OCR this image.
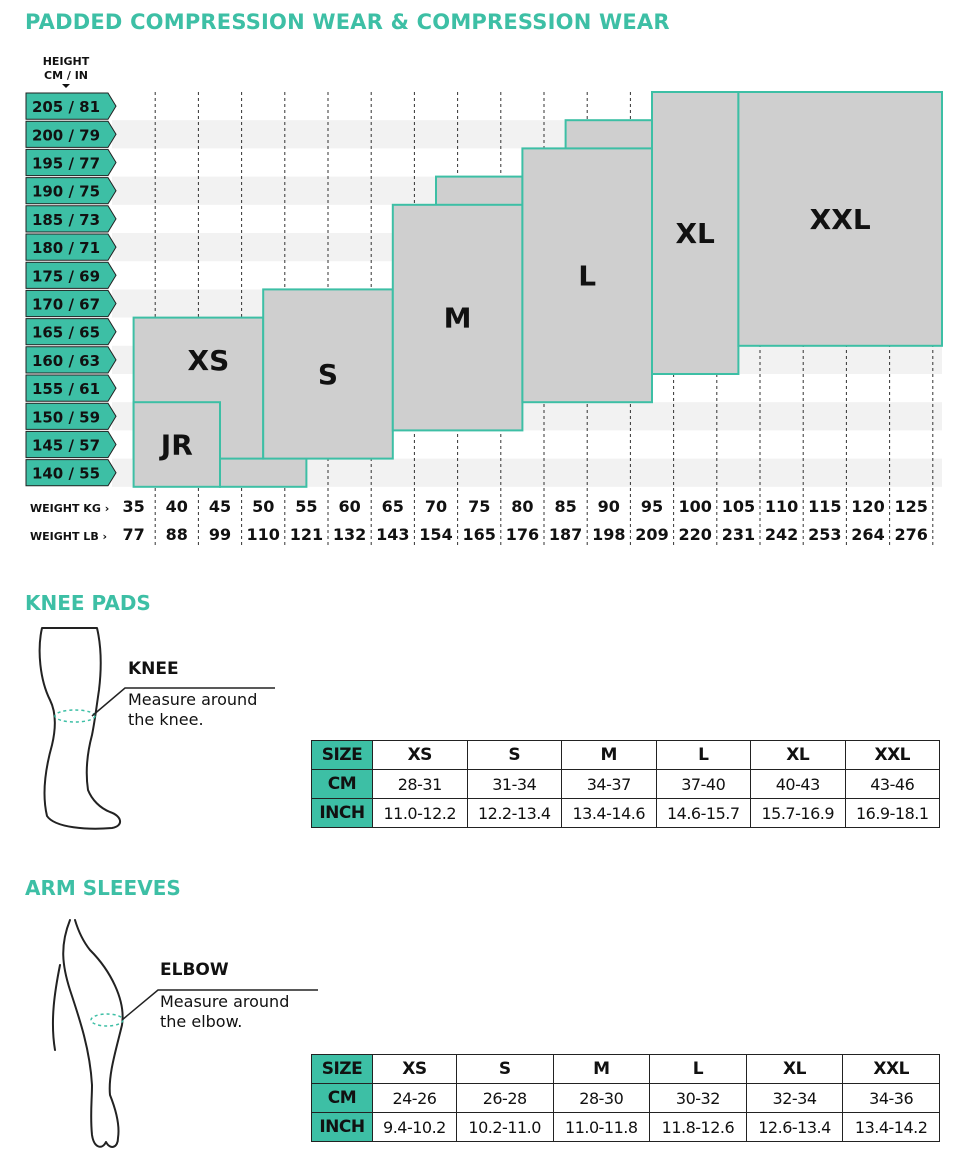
PADDED COMPRESSION WEAR & COMPRESSION WEAR
XS
JR
S
M
L
XL	XXL
HEIGHT
CM / IN
205 / 81
200 / 79
195 / 77
190 / 75
185 / 73
180 / 71
175 / 69
170 / 67
165 / 65
160 / 63
155 / 61
150 / 59
145 / 57
140 / 55
WEIGHT KG ›
WEIGHT LB ›
35
77
40
88
45
99
50
110
55
121
60
132
65
143
70
154
75
165
80
176
85
187
90
198
95
209
100
220
105
231
110
242
115
253
120
264
125
276
KNEE PADS
KNEE
Measure around the knee.
SIZE	XS	S	M	L	XL	XXL
CM	28-31	31-34	34-37	37-40	40-43	43-46
INCH	11.0-12.2	12.2-13.4	13.4-14.6	14.6-15.7	15.7-16.9	16.9-18.1
ARM SLEEVES
ELBOW
Measure around the elbow.
SIZE	XS	S	M	L	XL	XXL
CM	24-26	26-28	28-30	30-32	32-34	34-36
INCH	9.4-10.2	10.2-11.0	11.0-11.8	11.8-12.6	12.6-13.4	13.4-14.2
